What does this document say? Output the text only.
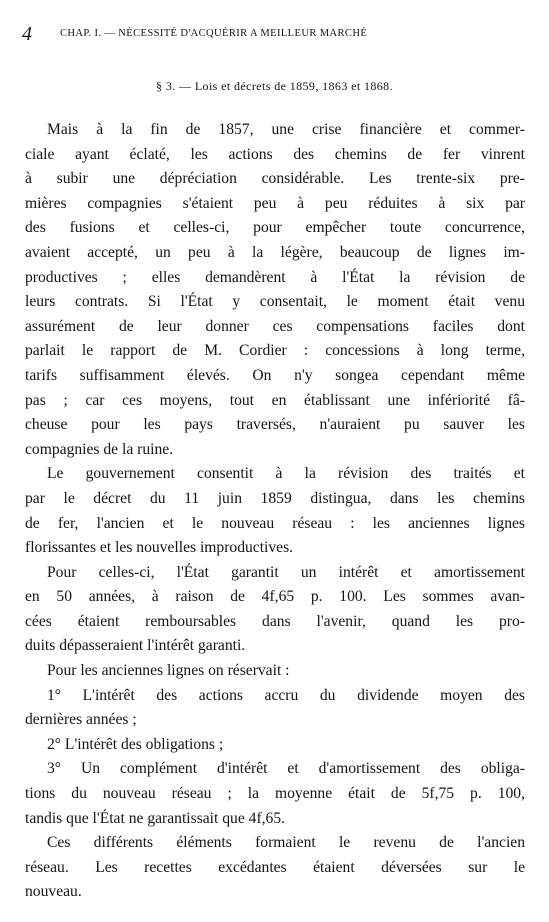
4	CHAP. I. — NÉCESSITÉ D'ACQUÉRIR A MEILLEUR MARCHÉ
§ 3. — Lois et décrets de 1859, 1863 et 1868.
Mais à la fin de 1857, une crise financière et commer-
ciale ayant éclaté, les actions des chemins de fer vinrent
à subir une dépréciation considérable. Les trente-six pre-
mières compagnies s'étaient peu à peu réduites à six par
des fusions et celles-ci, pour empêcher toute concurrence,
avaient accepté, un peu à la légère, beaucoup de lignes im-
productives ; elles demandèrent à l'État la révision de
leurs contrats. Si l'État y consentait, le moment était venu
assurément de leur donner ces compensations faciles dont
parlait le rapport de M. Cordier : concessions à long terme,
tarifs suffisamment élevés. On n'y songea cependant même
pas ; car ces moyens, tout en établissant une infériorité fâ-
cheuse pour les pays traversés, n'auraient pu sauver les
compagnies de la ruine.
Le gouvernement consentit à la révision des traités et
par le décret du 11 juin 1859 distingua, dans les chemins
de fer, l'ancien et le nouveau réseau : les anciennes lignes
florissantes et les nouvelles improductives.
Pour celles-ci, l'État garantit un intérêt et amortissement
en 50 années, à raison de 4f,65 p. 100. Les sommes avan-
cées étaient remboursables dans l'avenir, quand les pro-
duits dépasseraient l'intérêt garanti.
Pour les anciennes lignes on réservait :
1° L'intérêt des actions accru du dividende moyen des
dernières années ;
2° L'intérêt des obligations ;
3° Un complément d'intérêt et d'amortissement des obliga-
tions du nouveau réseau ; la moyenne était de 5f,75 p. 100,
tandis que l'État ne garantissait que 4f,65.
Ces différents éléments formaient le revenu de l'ancien
réseau. Les recettes excédantes étaient déversées sur le
nouveau.
